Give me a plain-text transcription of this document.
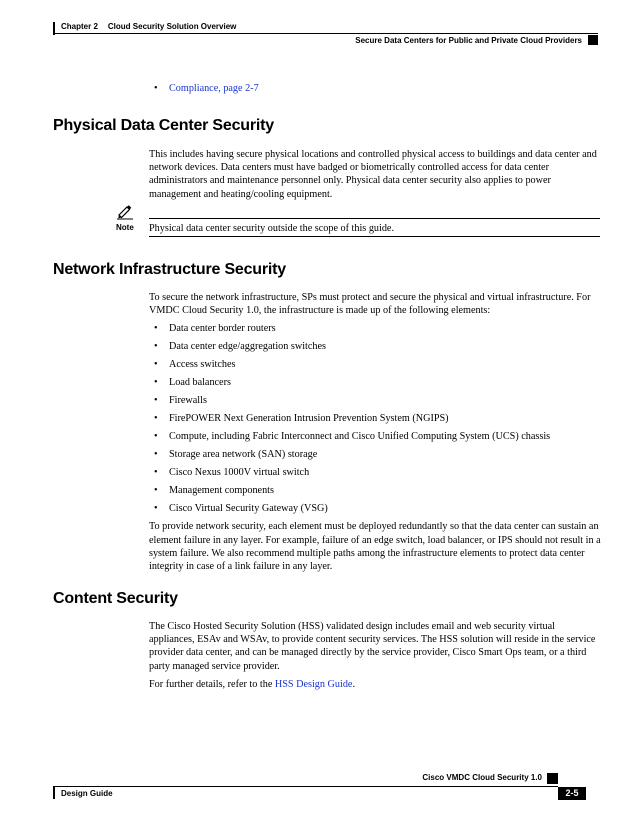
Chapter 2 Cloud Security Solution Overview
Secure Data Centers for Public and Private Cloud Providers
• Compliance, page 2-7
Physical Data Center Security

This includes having secure physical locations and controlled physical access to buildings and data center and network devices. Data centers must have badged or biometrically controlled access for data center administrators and maintenance personnel only. Physical data center security also applies to power management and heating/cooling equipment.

Note Physical data center security outside the scope of this guide.
Network Infrastructure Security

To secure the network infrastructure, SPs must protect and secure the physical and virtual infrastructure. For VMDC Cloud Security 1.0, the infrastructure is made up of the following elements:

• Data center border routers
• Data center edge/aggregation switches
• Access switches
• Load balancers
• Firewalls
• FirePOWER Next Generation Intrusion Prevention System (NGIPS)
• Compute, including Fabric Interconnect and Cisco Unified Computing System (UCS) chassis
• Storage area network (SAN) storage
• Cisco Nexus 1000V virtual switch
• Management components
• Cisco Virtual Security Gateway (VSG)

To provide network security, each element must be deployed redundantly so that the data center can sustain an element failure in any layer. For example, failure of an edge switch, load balancer, or IPS should not result in a system failure. We also recommend multiple paths among the infrastructure elements to protect data center integrity in case of a link failure in any layer.

Content Security

The Cisco Hosted Security Solution (HSS) validated design includes email and web security virtual appliances, ESAv and WSAv, to provide content security services. The HSS solution will reside in the service provider data center, and can be managed directly by the service provider, Cisco Smart Ops team, or a third party managed service provider.

For further details, refer to the HSS Design Guide.

Cisco VMDC Cloud Security 1.0
Design Guide	2-5
